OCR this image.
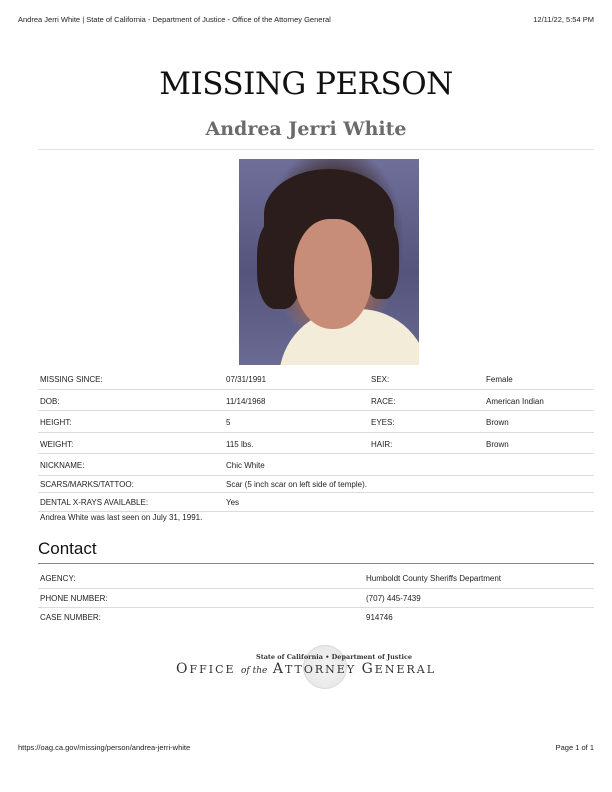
Andrea Jerri White | State of California - Department of Justice - Office of the Attorney General	12/11/22, 5:54 PM
MISSING PERSON
Andrea Jerri White
MISSING SINCE:	07/31/1991	SEX:	Female
DOB:	11/14/1968	RACE:	American Indian
HEIGHT:	5	EYES:	Brown
WEIGHT:	115 lbs.	HAIR:	Brown
NICKNAME:	Chic White
SCARS/MARKS/TATTOO:	Scar (5 inch scar on left side of temple).
DENTAL X-RAYS AVAILABLE:	Yes
Andrea White was last seen on July 31, 1991.
Contact
AGENCY:	Humboldt County Sheriffs Department
PHONE NUMBER:	(707) 445-7439
CASE NUMBER:	914746
State of California • Department of Justice
OFFICE of the ATTORNEY GENERAL
https://oag.ca.gov/missing/person/andrea-jerri-white	Page 1 of 1
